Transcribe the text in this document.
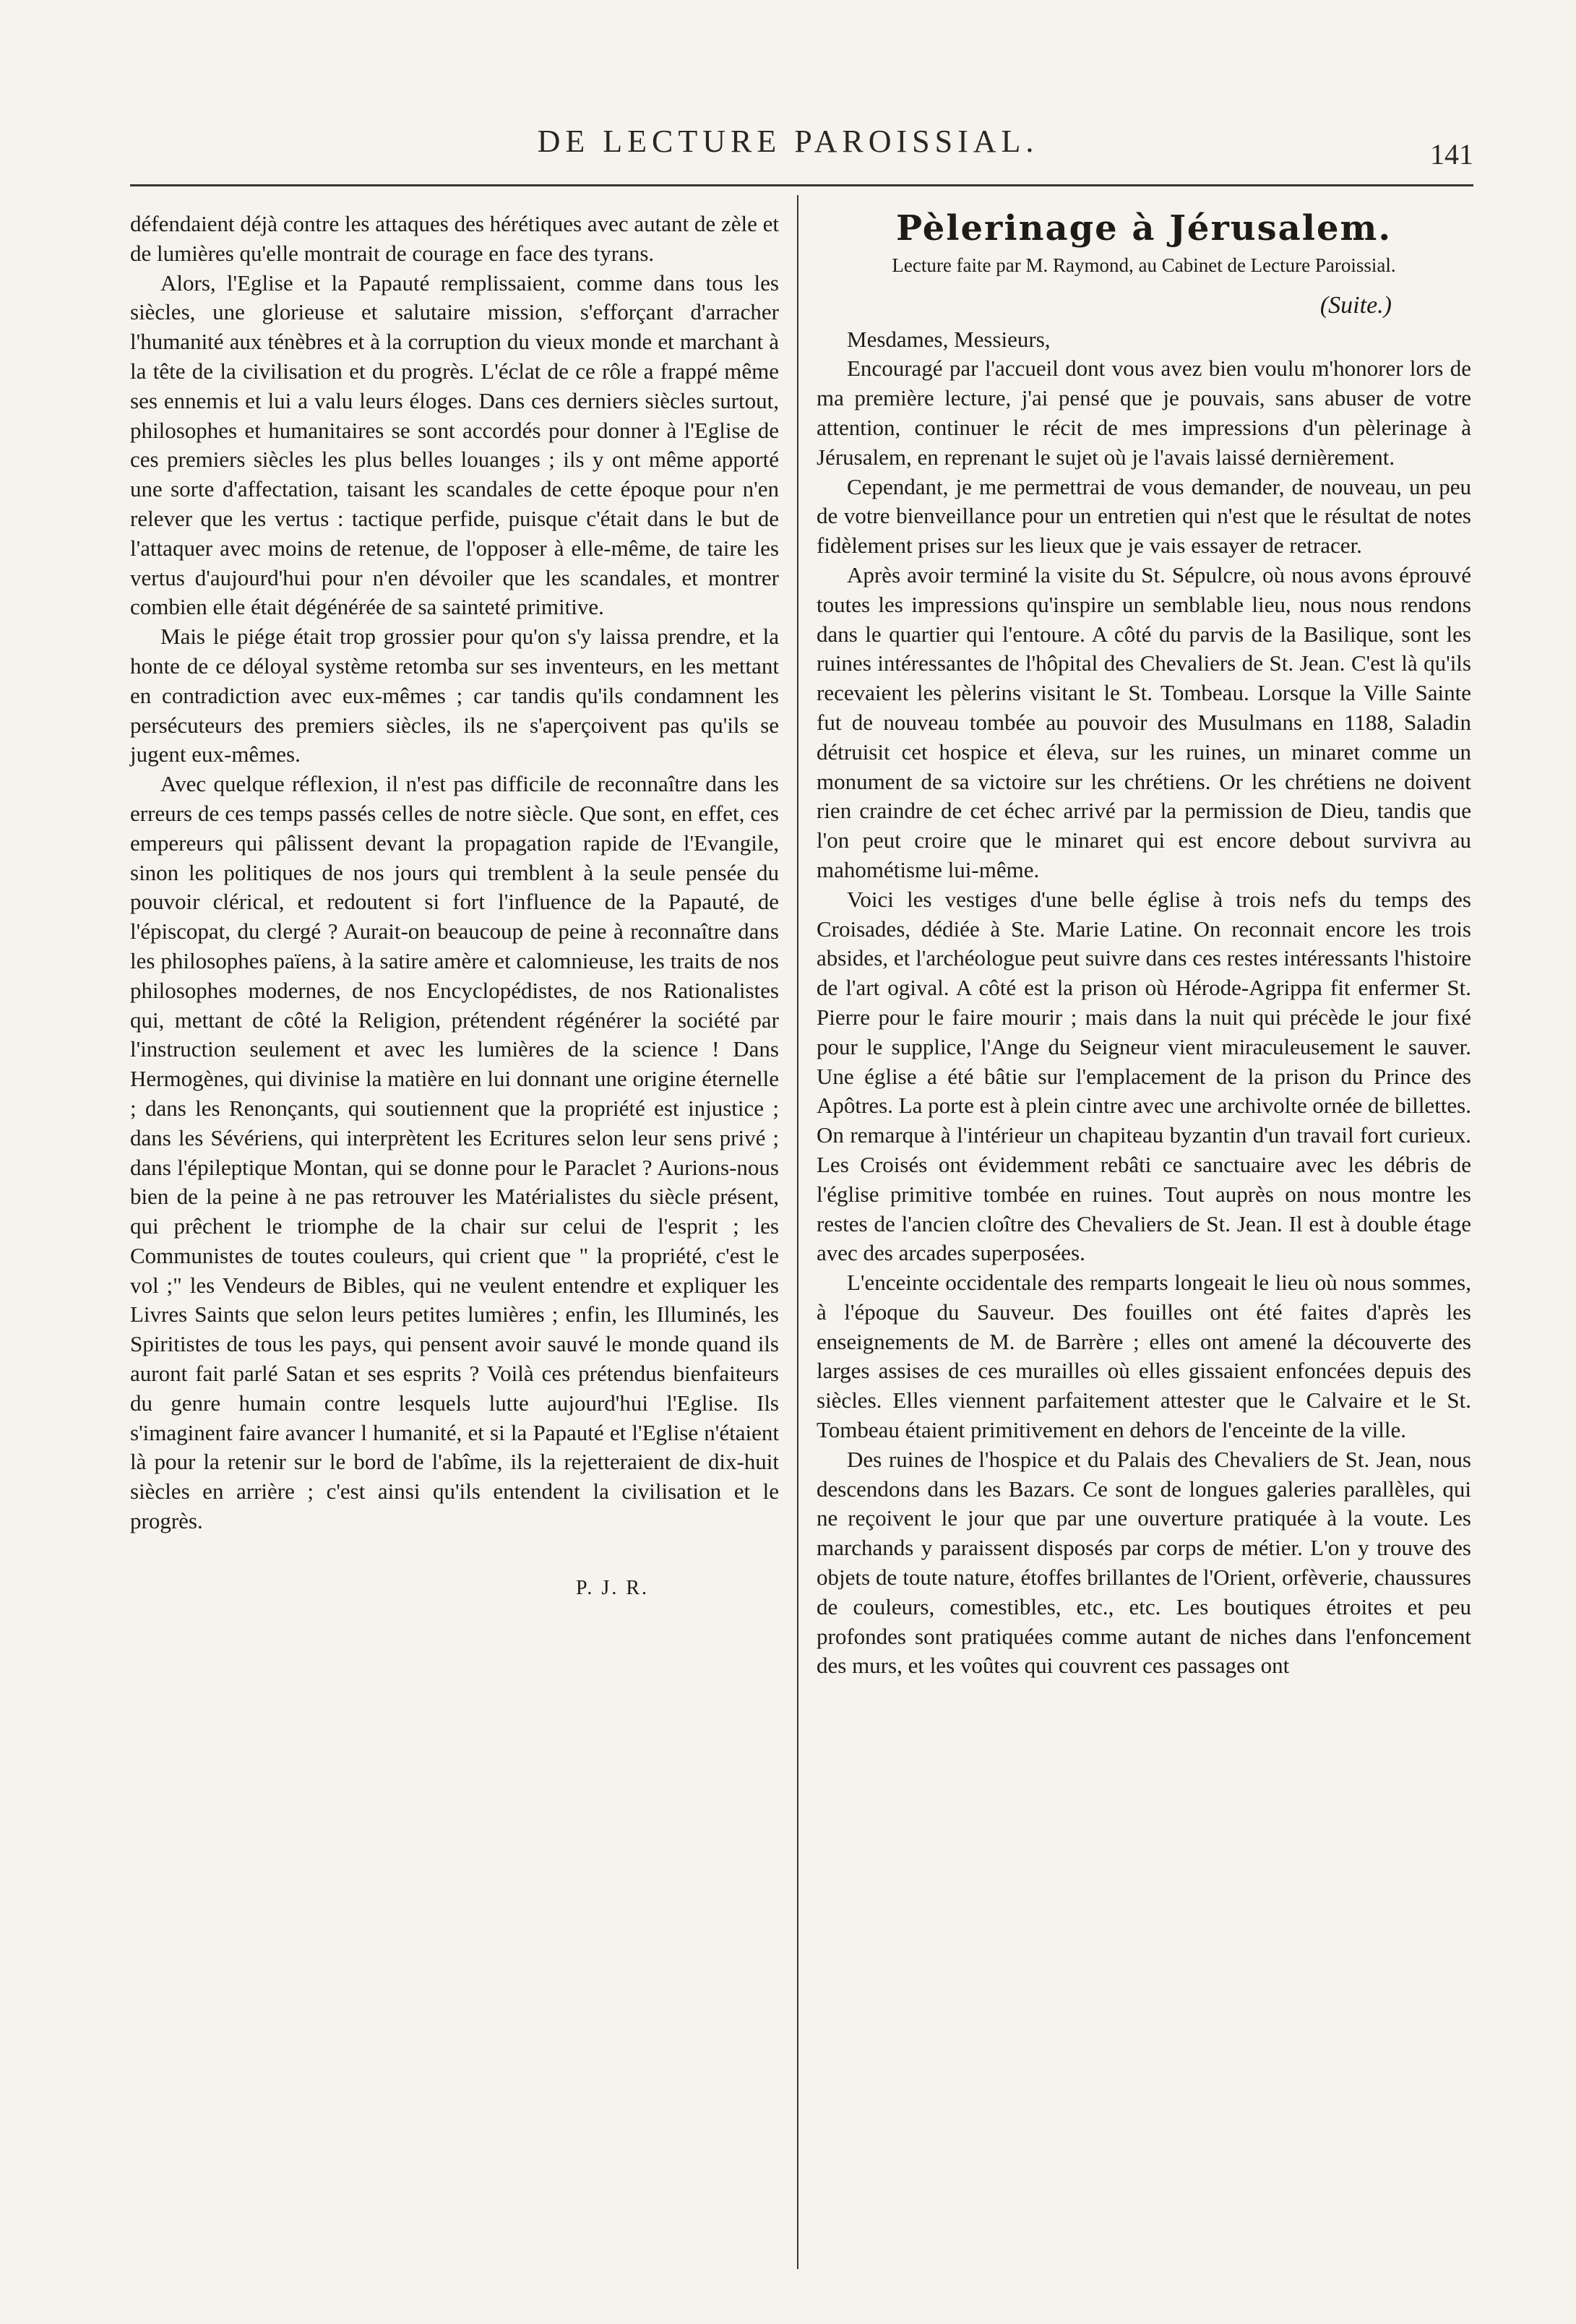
DE LECTURE PAROISSIAL.	141

défendaient déjà contre les attaques des hérétiques avec autant de zèle et de lumières qu'elle montrait de courage en face des tyrans.

Alors, l'Eglise et la Papauté remplissaient, comme dans tous les siècles, une glorieuse et salutaire mission, s'efforçant d'arracher l'humanité aux ténèbres et à la corruption du vieux monde et marchant à la tête de la civilisation et du progrès. L'éclat de ce rôle a frappé même ses ennemis et lui a valu leurs éloges. Dans ces derniers siècles surtout, philosophes et humanitaires se sont accordés pour donner à l'Eglise de ces premiers siècles les plus belles louanges ; ils y ont même apporté une sorte d'affectation, taisant les scandales de cette époque pour n'en relever que les vertus : tactique perfide, puisque c'était dans le but de l'attaquer avec moins de retenue, de l'opposer à elle-même, de taire les vertus d'aujourd'hui pour n'en dévoiler que les scandales, et montrer combien elle était dégénérée de sa sainteté primitive.

Mais le piége était trop grossier pour qu'on s'y laissa prendre, et la honte de ce déloyal système retomba sur ses inventeurs, en les mettant en contradiction avec eux-mêmes ; car tandis qu'ils condamnent les persécuteurs des premiers siècles, ils ne s'aperçoivent pas qu'ils se jugent eux-mêmes.

Avec quelque réflexion, il n'est pas difficile de reconnaître dans les erreurs de ces temps passés celles de notre siècle. Que sont, en effet, ces empereurs qui pâlissent devant la propagation rapide de l'Evangile, sinon les politiques de nos jours qui tremblent à la seule pensée du pouvoir clérical, et redoutent si fort l'influence de la Papauté, de l'épiscopat, du clergé ? Aurait-on beaucoup de peine à reconnaître dans les philosophes païens, à la satire amère et calomnieuse, les traits de nos philosophes modernes, de nos Encyclopédistes, de nos Rationalistes qui, mettant de côté la Religion, prétendent régénérer la société par l'instruction seulement et avec les lumières de la science ! Dans Hermogènes, qui divinise la matière en lui donnant une origine éternelle ; dans les Renonçants, qui soutiennent que la propriété est injustice ; dans les Sévériens, qui interprètent les Ecritures selon leur sens privé ; dans l'épileptique Montan, qui se donne pour le Paraclet ? Aurions-nous bien de la peine à ne pas retrouver les Matérialistes du siècle présent, qui prêchent le triomphe de la chair sur celui de l'esprit ; les Communistes de toutes couleurs, qui crient que " la propriété, c'est le vol ;" les Vendeurs de Bibles, qui ne veulent entendre et expliquer les Livres Saints que selon leurs petites lumières ; enfin, les Illuminés, les Spiritistes de tous les pays, qui pensent avoir sauvé le monde quand ils auront fait parlé Satan et ses esprits ? Voilà ces prétendus bienfaiteurs du genre humain contre lesquels lutte aujourd'hui l'Eglise. Ils s'imaginent faire avancer l humanité, et si la Papauté et l'Eglise n'étaient là pour la retenir sur le bord de l'abîme, ils la rejetteraient de dix-huit siècles en arrière ; c'est ainsi qu'ils entendent la civilisation et le progrès.

P. J. R.
Pèlerinage à Jérusalem.
Lecture faite par M. Raymond, au Cabinet de Lecture Paroissial.
(Suite.)

Mesdames, Messieurs,

Encouragé par l'accueil dont vous avez bien voulu m'honorer lors de ma première lecture, j'ai pensé que je pouvais, sans abuser de votre attention, continuer le récit de mes impressions d'un pèlerinage à Jérusalem, en reprenant le sujet où je l'avais laissé dernièrement.

Cependant, je me permettrai de vous demander, de nouveau, un peu de votre bienveillance pour un entretien qui n'est que le résultat de notes fidèlement prises sur les lieux que je vais essayer de retracer.

Après avoir terminé la visite du St. Sépulcre, où nous avons éprouvé toutes les impressions qu'inspire un semblable lieu, nous nous rendons dans le quartier qui l'entoure. A côté du parvis de la Basilique, sont les ruines intéressantes de l'hôpital des Chevaliers de St. Jean. C'est là qu'ils recevaient les pèlerins visitant le St. Tombeau. Lorsque la Ville Sainte fut de nouveau tombée au pouvoir des Musulmans en 1188, Saladin détruisit cet hospice et éleva, sur les ruines, un minaret comme un monument de sa victoire sur les chrétiens. Or les chrétiens ne doivent rien craindre de cet échec arrivé par la permission de Dieu, tandis que l'on peut croire que le minaret qui est encore debout survivra au mahométisme lui-même.

Voici les vestiges d'une belle église à trois nefs du temps des Croisades, dédiée à Ste. Marie Latine. On reconnait encore les trois absides, et l'archéologue peut suivre dans ces restes intéressants l'histoire de l'art ogival. A côté est la prison où Hérode-Agrippa fit enfermer St. Pierre pour le faire mourir ; mais dans la nuit qui précède le jour fixé pour le supplice, l'Ange du Seigneur vient miraculeusement le sauver. Une église a été bâtie sur l'emplacement de la prison du Prince des Apôtres. La porte est à plein cintre avec une archivolte ornée de billettes. On remarque à l'intérieur un chapiteau byzantin d'un travail fort curieux. Les Croisés ont évidemment rebâti ce sanctuaire avec les débris de l'église primitive tombée en ruines. Tout auprès on nous montre les restes de l'ancien cloître des Chevaliers de St. Jean. Il est à double étage avec des arcades superposées.

L'enceinte occidentale des remparts longeait le lieu où nous sommes, à l'époque du Sauveur. Des fouilles ont été faites d'après les enseignements de M. de Barrère ; elles ont amené la découverte des larges assises de ces murailles où elles gissaient enfoncées depuis des siècles. Elles viennent parfaitement attester que le Calvaire et le St. Tombeau étaient primitivement en dehors de l'enceinte de la ville.

Des ruines de l'hospice et du Palais des Chevaliers de St. Jean, nous descendons dans les Bazars. Ce sont de longues galeries parallèles, qui ne reçoivent le jour que par une ouverture pratiquée à la voute. Les marchands y paraissent disposés par corps de métier. L'on y trouve des objets de toute nature, étoffes brillantes de l'Orient, orfèverie, chaussures de couleurs, comestibles, etc., etc. Les boutiques étroites et peu profondes sont pratiquées comme autant de niches dans l'enfoncement des murs, et les voûtes qui couvrent ces passages ont
